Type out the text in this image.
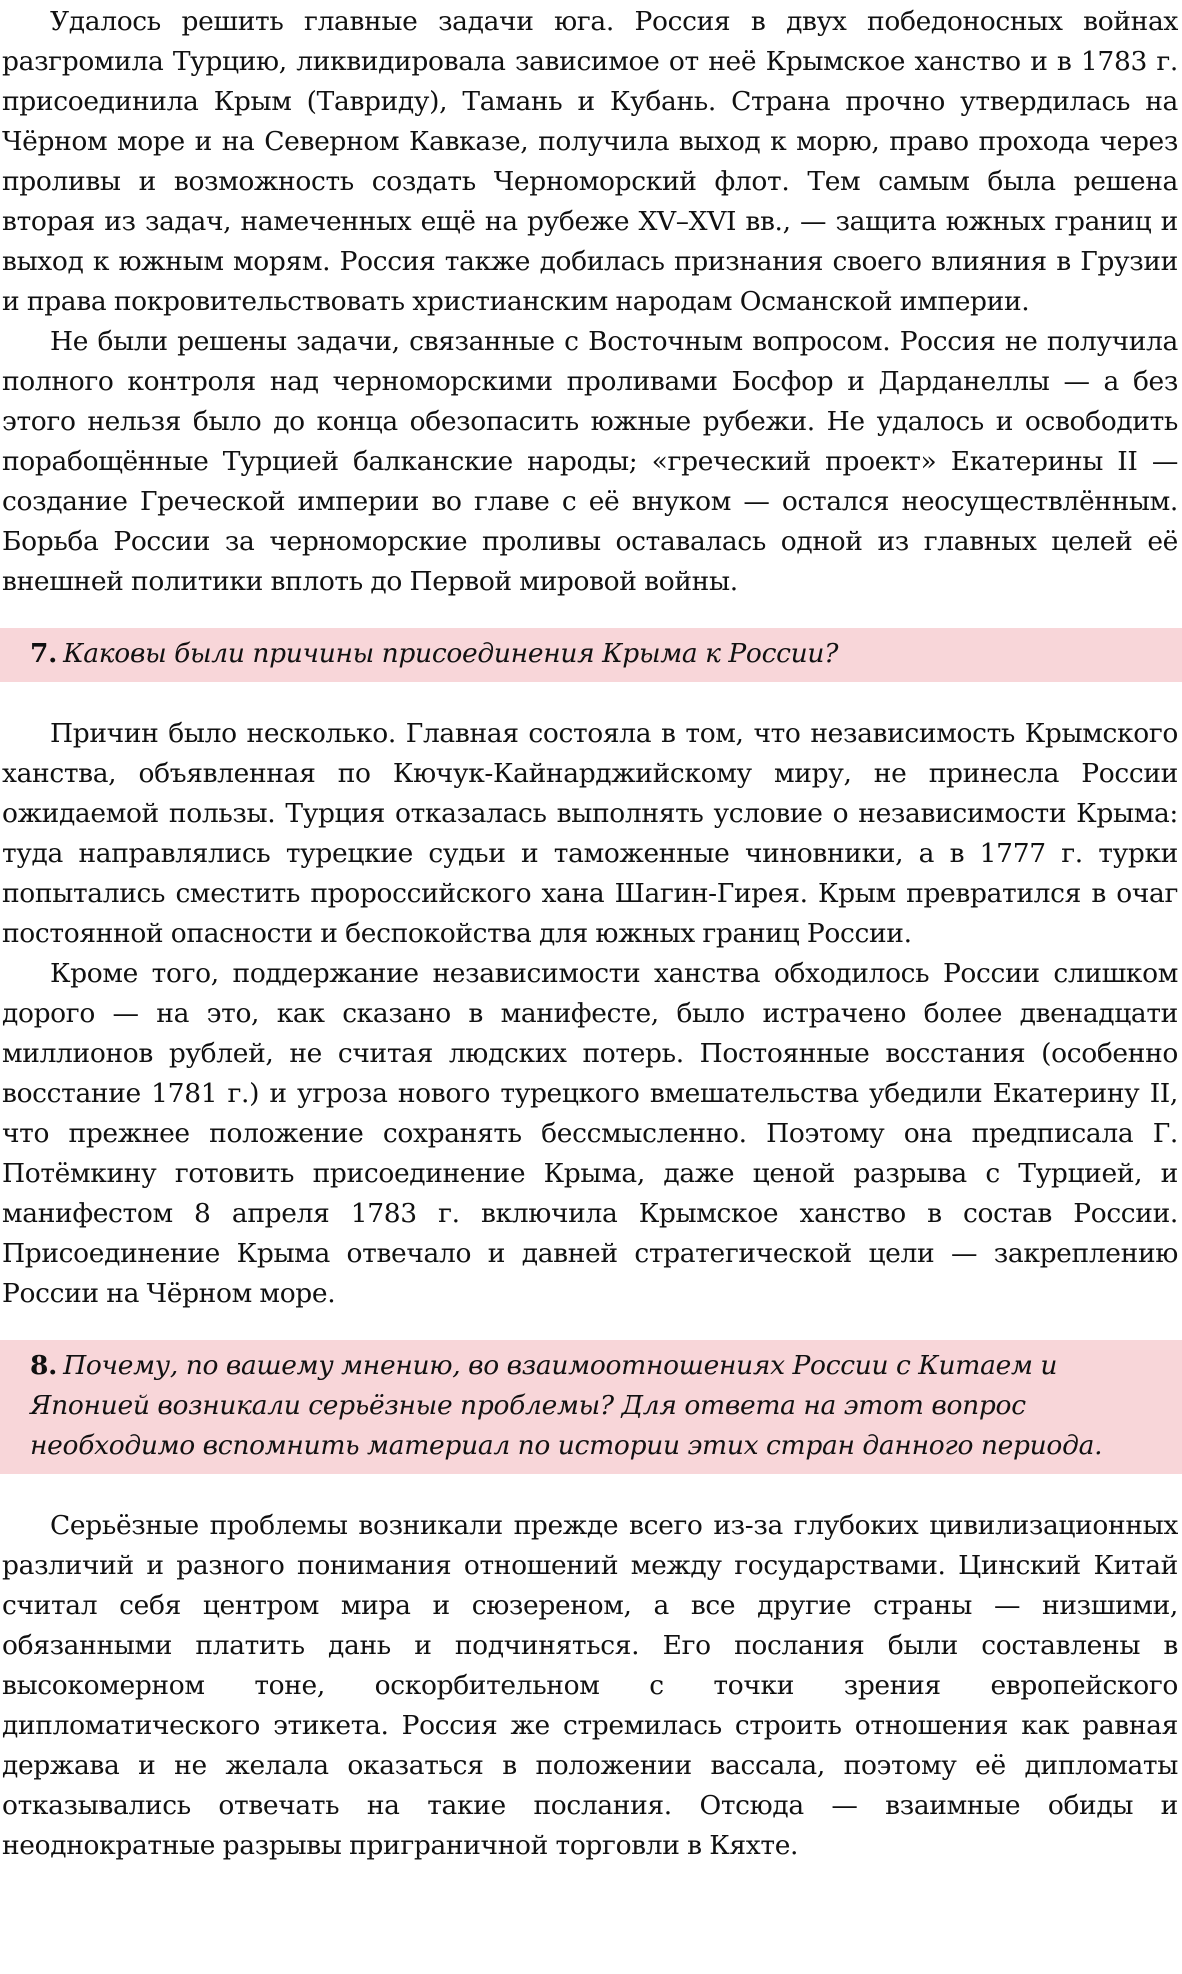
Удалось решить главные задачи юга. Россия в двух победоносных войнах разгромила Турцию, ликвидировала зависимое от неё Крымское ханство и в 1783 г. присоединила Крым (Тавриду), Тамань и Кубань. Страна прочно утвердилась на Чёрном море и на Северном Кавказе, получила выход к морю, право прохода через проливы и возможность создать Черноморский флот. Тем самым была решена вторая из задач, намеченных ещё на рубеже XV–XVI вв., — защита южных границ и выход к южным морям. Россия также добилась признания своего влияния в Грузии и права покровительствовать христианским народам Османской империи.

Не были решены задачи, связанные с Восточным вопросом. Россия не получила полного контроля над черноморскими проливами Босфор и Дарданеллы — а без этого нельзя было до конца обезопасить южные рубежи. Не удалось и освободить порабощённые Турцией балканские народы; «греческий проект» Екатерины II — создание Греческой империи во главе с её внуком — остался неосуществлённым. Борьба России за черноморские проливы оставалась одной из главных целей её внешней политики вплоть до Первой мировой войны.

7. Каковы были причины присоединения Крыма к России?

Причин было несколько. Главная состояла в том, что независимость Крымского ханства, объявленная по Кючук-Кайнарджийскому миру, не принесла России ожидаемой пользы. Турция отказалась выполнять условие о независимости Крыма: туда направлялись турецкие судьи и таможенные чиновники, а в 1777 г. турки попытались сместить пророссийского хана Шагин-Гирея. Крым превратился в очаг постоянной опасности и беспокойства для южных границ России.

Кроме того, поддержание независимости ханства обходилось России слишком дорого — на это, как сказано в манифесте, было истрачено более двенадцати миллионов рублей, не считая людских потерь. Постоянные восстания (особенно восстание 1781 г.) и угроза нового турецкого вмешательства убедили Екатерину II, что прежнее положение сохранять бессмысленно. Поэтому она предписала Г. Потёмкину готовить присоединение Крыма, даже ценой разрыва с Турцией, и манифестом 8 апреля 1783 г. включила Крымское ханство в состав России. Присоединение Крыма отвечало и давней стратегической цели — закреплению России на Чёрном море.

8. Почему, по вашему мнению, во взаимоотношениях России с Китаем и Японией возникали серьёзные проблемы? Для ответа на этот вопрос необходимо вспомнить материал по истории этих стран данного периода.

Серьёзные проблемы возникали прежде всего из-за глубоких цивилизационных различий и разного понимания отношений между государствами. Цинский Китай считал себя центром мира и сюзереном, а все другие страны — низшими, обязанными платить дань и подчиняться. Его послания были составлены в высокомерном тоне, оскорбительном с точки зрения европейского дипломатического этикета. Россия же стремилась строить отношения как равная держава и не желала оказаться в положении вассала, поэтому её дипломаты отказывались отвечать на такие послания. Отсюда — взаимные обиды и неоднократные разрывы приграничной торговли в Кяхте.
